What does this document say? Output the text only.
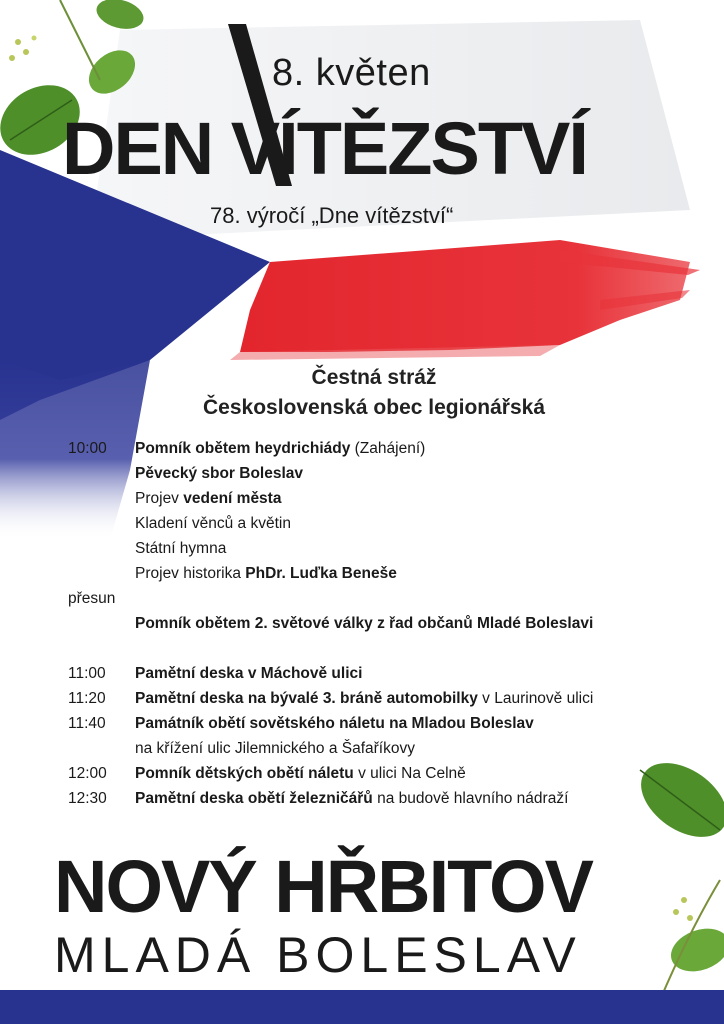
8. květen
DEN VÍTĚZSTVÍ
78. výročí „Dne vítězství“
Čestná stráž
Československá obec legionářská
10:00 Pomník obětem heydrichiády (Zahájení)
Pěvecký sbor Boleslav
Projev vedení města
Kladení věnců a květin
Státní hymna
Projev historika PhDr. Luďka Beneše
přesun
Pomník obětem 2. světové války z řad občanů Mladé Boleslavi
11:00 Pamětní deska v Máchově ulici
11:20 Pamětní deska na bývalé 3. bráně automobilky v Laurinově ulici
11:40 Památník obětí sovětského náletu na Mladou Boleslav
na křížení ulic Jilemnického a Šafaříkovy
12:00 Pomník dětských obětí náletu v ulici Na Celně
12:30 Pamětní deska obětí železničářů na budově hlavního nádraží
NOVÝ HŘBITOV
MLADÁ BOLESLAV
